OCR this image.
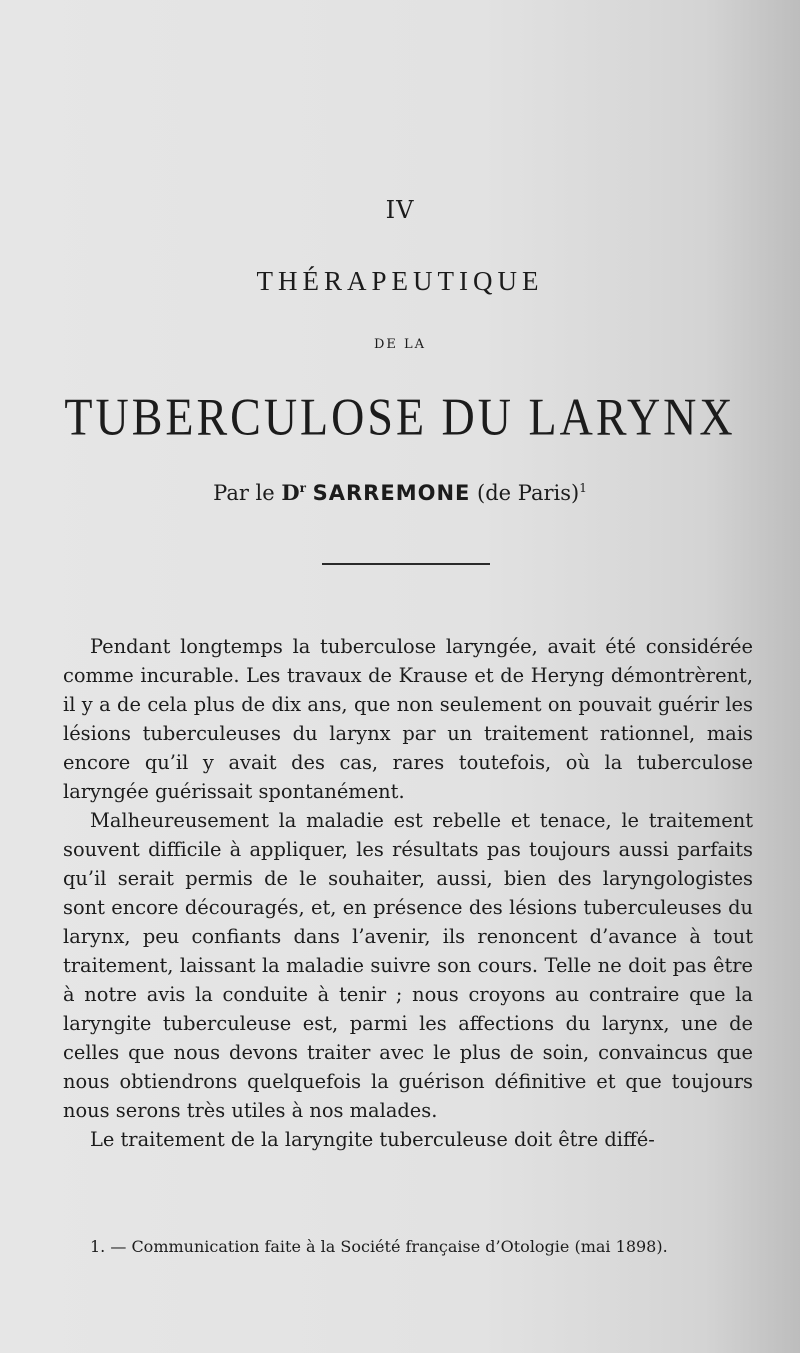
IV
THÉRAPEUTIQUE
DE LA
TUBERCULOSE DU LARYNX
Par le $D^r$ SARREMONE (de Paris)$^1$

Pendant longtemps la tuberculose laryngée, avait été considérée comme incurable. Les travaux de Krause et de Heryng démontrèrent, il y a de cela plus de dix ans, que non seulement on pouvait guérir les lésions tuberculeuses du larynx par un traitement rationnel, mais encore qu’il y avait des cas, rares toutefois, où la tuberculose laryngée guérissait spontanément.

Malheureusement la maladie est rebelle et tenace, le traitement souvent difficile à appliquer, les résultats pas toujours aussi parfaits qu’il serait permis de le souhaiter, aussi, bien des laryngologistes sont encore découragés, et, en présence des lésions tuberculeuses du larynx, peu confiants dans l’avenir, ils renoncent d’avance à tout traitement, laissant la maladie suivre son cours. Telle ne doit pas être à notre avis la conduite à tenir ; nous croyons au contraire que la laryngite tuberculeuse est, parmi les affections du larynx, une de celles que nous devons traiter avec le plus de soin, convaincus que nous obtiendrons quelquefois la guérison définitive et que toujours nous serons très utiles à nos malades.

Le traitement de la laryngite tuberculeuse doit être diffé-

1. — Communication faite à la Société française d’Otologie (mai 1898).
